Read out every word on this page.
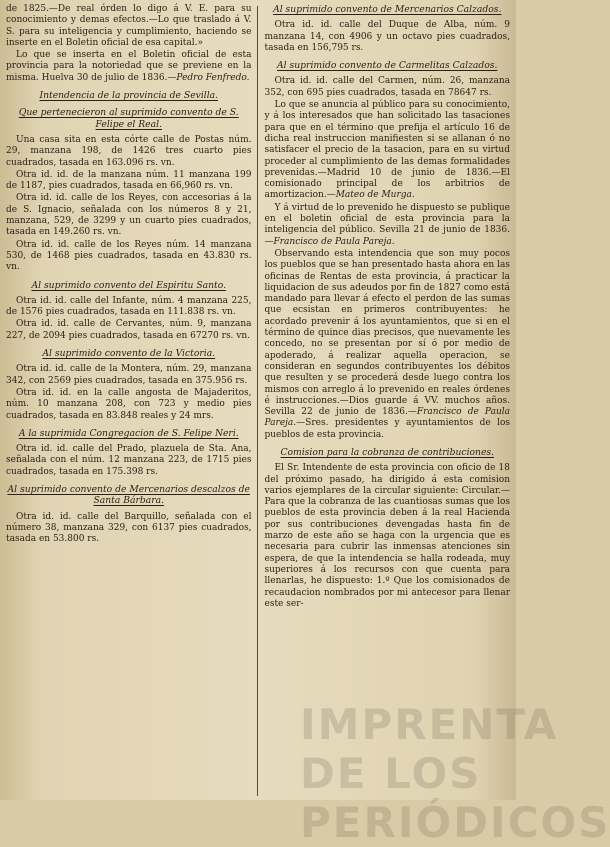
de 1825.—De real órden lo digo á V. E. para su conocimiento y demas efectos.—Lo que traslado á V. S. para su inteligencia y cumplimiento, haciendo se inserte en el Boletin oficial de esa capital.»

Lo que se inserta en el Boletin oficial de esta provincia para la notoriedad que se previene en la misma. Huelva 30 de julio de 1836.—Pedro Fenfredo.

Intendencia de la provincia de Sevilla.
Que pertenecieron al suprimido convento de S. Felipe el Real.

Una casa sita en esta córte calle de Postas núm. 29, manzana 198, de 1426 tres cuarto pies cuadrados, tasada en 163.096 rs. vn.

Otra id. id. de la manzana núm. 11 manzana 199 de 1187, pies cuadrados, tasada en 66,960 rs. vn.

Otra id. id. calle de los Reyes, con accesorias á la de S. Ignacio, señalada con los números 8 y 21, manzana, 529, de 3299 y un cuarto pies cuadrados, tasada en 149.260 rs. vn.

Otra id. id. calle de los Reyes núm. 14 manzana 530, de 1468 pies cuadrados, tasada en 43.830 rs. vn.

Al suprimido convento del Espiritu Santo.

Otra id. id. calle del Infante, núm. 4 manzana 225, de 1576 pies cuadrados, tasada en 111.838 rs. vn.

Otra id. id. calle de Cervantes, núm. 9, manzana 227, de 2094 pies cuadrados, tasada en 67270 rs. vn.

Al suprimido convento de la Victoria.

Otra id. id. calle de la Montera, núm. 29, manzana 342, con 2569 pies cuadrados, tasada en 375.956 rs.

Otra id. id. en la calle angosta de Majaderitos, núm. 10 manzana 208, con 723 y medio pies cuadrados, tasada en 83.848 reales y 24 mrs.

A la suprimida Congregacion de S. Felipe Neri.

Otra id. id. calle del Prado, plazuela de Sta. Ana, señalada con el núm. 12 manzana 223, de 1715 pies cuadrados, tasada en 175.398 rs.

Al suprimido convento de Mercenarios descalzos de Santa Bárbara.

Otra id. id. calle del Barquillo, señalada con el número 38, manzana 329, con 6137 pies cuadrados, tasada en 53.800 rs.

Al suprimido convento de Mercenarios Calzados.

Otra id. id. calle del Duque de Alba, núm. 9 manzana 14, con 4906 y un octavo pies cuadrados, tasada en 156,795 rs.

Al suprimido convento de Carmelitas Calzados.

Otra id. id. calle del Carmen, núm. 26, manzana 352, con 695 pies cuadrados, tasada en 78647 rs.

Lo que se anuncia al público para su conocimiento, y á los interesados que han solicitado las tasaciones para que en el término que prefija el artículo 16 de dicha real instruccion manifiesten si se allanan ó no satisfacer el precio de la tasacion, para en su virtud proceder al cumplimiento de las demas formalidades prevenidas.—Madrid 10 de junio de 1836.—El comisionado principal de los arbitrios de amortizacion.—Mateo de Murga.

Y á virtud de lo prevenido he dispuesto se publique en el boletin oficial de esta provincia para la inteligencia del público. Sevilla 21 de junio de 1836.—Francisco de Paula Pareja.

Observando esta intendencia que son muy pocos los pueblos que se han presentado hasta ahora en las oficinas de Rentas de esta provincia, á practicar la liquidacion de sus adeudos por fin de 1827 como está mandado para llevar á efecto el perdon de las sumas que ecsistan en primeros contribuyentes: he acordado prevenir á los ayuntamientos, que si en el término de quince dias precisos, que nuevamente les concedo, no se presentan por sí ó por medio de apoderado, á realizar aquella operacion, se consideran en segundos contribuyentes los débitos que resulten y se procederá desde luego contra los mismos con arreglo á lo prevenido en reales órdenes é instrucciones.—Dios guarde á VV. muchos años. Sevilla 22 de junio de 1836.—Francisco de Paula Pareja.—Sres. presidentes y ayuntamientos de los pueblos de esta provincia.

Comision para la cobranza de contribuciones.

El Sr. Intendente de esta provincia con oficio de 18 del próximo pasado, ha dirigido á esta comision varios ejemplares de la circular siguiente: Circular.—Para que la cobranza de las cuantiosas sumas que los pueblos de esta provincia deben á la real Hacienda por sus contribuciones devengadas hasta fin de marzo de este año se haga con la urgencia que es necesaria para cubrir las inmensas atenciones sin espera, de que la intendencia se halla rodeada, muy superiores á los recursos con que cuenta para llenarlas, he dispuesto: 1.º Que los comisionados de recaudacion nombrados por mi antecesor para llenar este ser-

IMPRENTA DE LOS PERIÓDICOS
